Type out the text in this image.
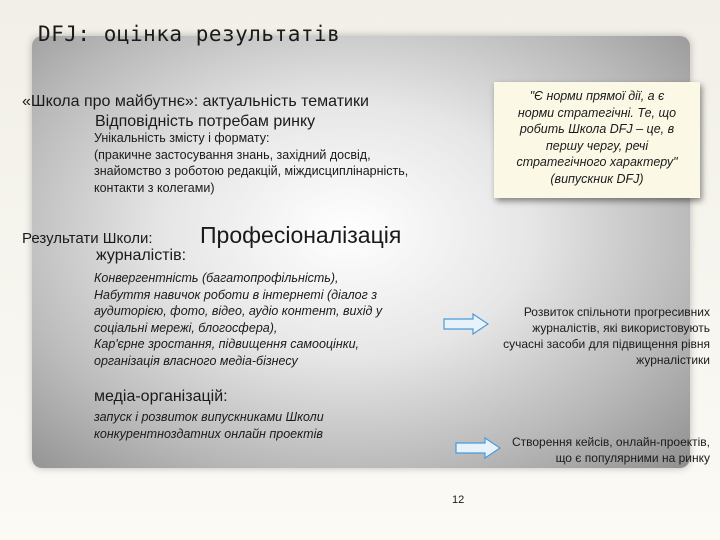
DFJ: оцінка результатів
«Школа про майбутнє»: актуальність тематики
Відповідність потребам ринку
Унікальність змісту і формату:
(пракичне застосування знань, західний досвід,
знайомство з роботою редакцій, міждисциплінарність,
контакти з колегами)
"Є норми прямої дії, а є
норми стратегічні. Те, що
робить Школа DFJ – це, в
першу чергу, речі
стратегічного характеру"
(випускник DFJ)
Результати Школи: Професіоналізація
журналістів:
Конвергентність (багатопрофільність),
Набуття навичок роботи в інтернеті (діалог з
аудиторією, фото, відео, аудіо контент, вихід у
соціальні мережі, блогосфера),
Кар'єрне зростання, підвищення самооцінки,
організація власного медіа-бізнесу
Розвиток спільноти прогресивних
журналістів, які використовують
сучасні засоби для підвищення рівня
журналістики
медіа-організацій:
запуск і розвиток випускниками Школи
конкурентноздатних онлайн проектів
Створення кейсів, онлайн-проектів,
що є популярними на ринку
12
